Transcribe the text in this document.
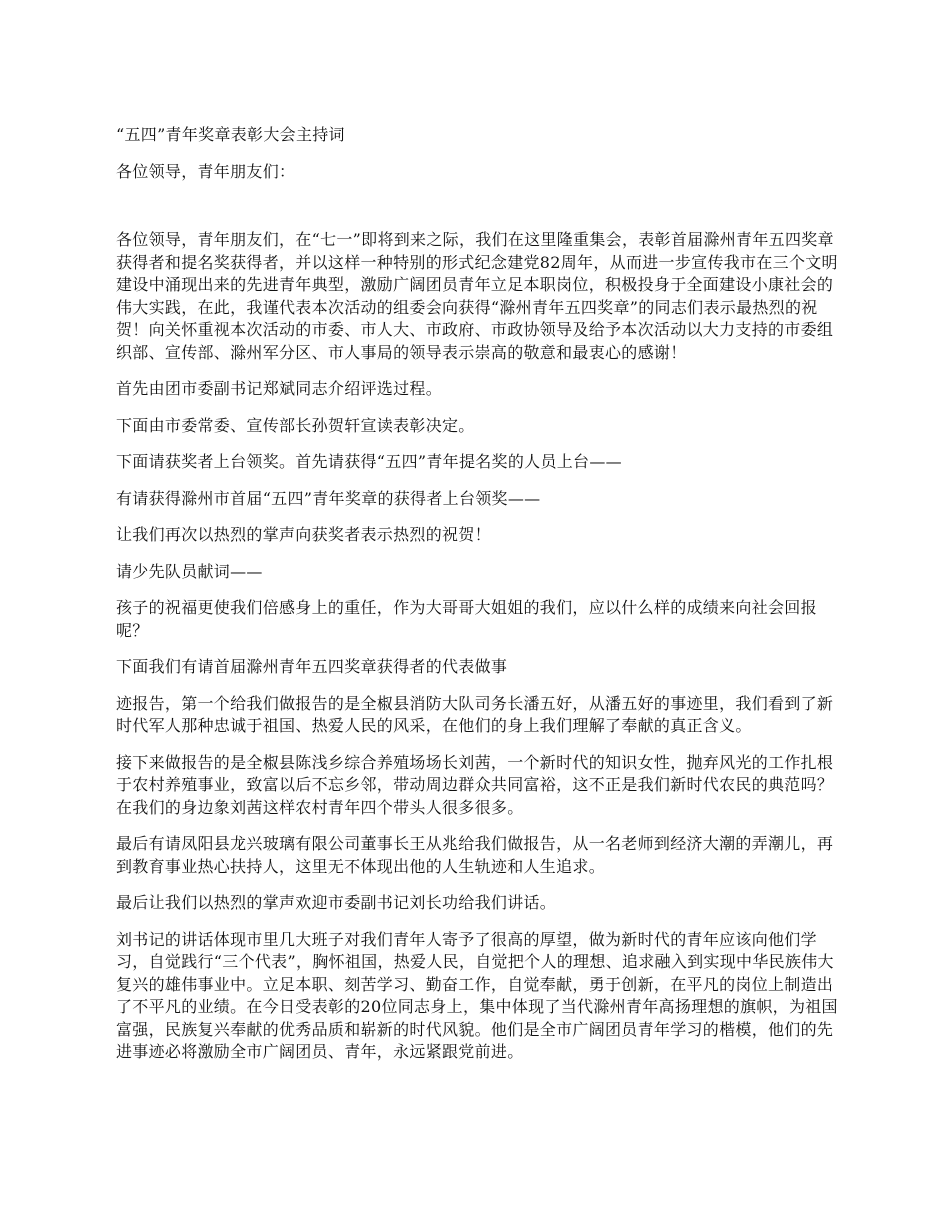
“五四”青年奖章表彰大会主持词

各位领导，青年朋友们：

各位领导，青年朋友们，在“七一”即将到来之际，我们在这里隆重集会，表彰首届滁州青年五四奖章获得者和提名奖获得者，并以这样一种特别的形式纪念建党82周年，从而进一步宣传我市在三个文明建设中涌现出来的先进青年典型，激励广阔团员青年立足本职岗位，积极投身于全面建设小康社会的伟大实践，在此，我谨代表本次活动的组委会向获得“滁州青年五四奖章”的同志们表示最热烈的祝贺！向关怀重视本次活动的市委、市人大、市政府、市政协领导及给予本次活动以大力支持的市委组织部、宣传部、滁州军分区、市人事局的领导表示崇高的敬意和最衷心的感谢！

首先由团市委副书记郑斌同志介绍评选过程。

下面由市委常委、宣传部长孙贺轩宣读表彰决定。

下面请获奖者上台领奖。首先请获得“五四”青年提名奖的人员上台——

有请获得滁州市首届“五四”青年奖章的获得者上台领奖——

让我们再次以热烈的掌声向获奖者表示热烈的祝贺！

请少先队员献词——

孩子的祝福更使我们倍感身上的重任，作为大哥哥大姐姐的我们，应以什么样的成绩来向社会回报呢？

下面我们有请首届滁州青年五四奖章获得者的代表做事

迹报告，第一个给我们做报告的是全椒县消防大队司务长潘五好，从潘五好的事迹里，我们看到了新时代军人那种忠诚于祖国、热爱人民的风采，在他们的身上我们理解了奉献的真正含义。

接下来做报告的是全椒县陈浅乡综合养殖场场长刘茜，一个新时代的知识女性，抛弃风光的工作扎根于农村养殖事业，致富以后不忘乡邻，带动周边群众共同富裕，这不正是我们新时代农民的典范吗？在我们的身边象刘茜这样农村青年四个带头人很多很多。

最后有请凤阳县龙兴玻璃有限公司董事长王从兆给我们做报告，从一名老师到经济大潮的弄潮儿，再到教育事业热心扶持人，这里无不体现出他的人生轨迹和人生追求。

最后让我们以热烈的掌声欢迎市委副书记刘长功给我们讲话。

刘书记的讲话体现市里几大班子对我们青年人寄予了很高的厚望，做为新时代的青年应该向他们学习，自觉践行“三个代表”，胸怀祖国，热爱人民，自觉把个人的理想、追求融入到实现中华民族伟大复兴的雄伟事业中。立足本职、刻苦学习、勤奋工作，自觉奉献，勇于创新，在平凡的岗位上制造出了不平凡的业绩。在今日受表彰的20位同志身上，集中体现了当代滁州青年高扬理想的旗帜，为祖国富强，民族复兴奉献的优秀品质和崭新的时代风貌。他们是全市广阔团员青年学习的楷模，他们的先进事迹必将激励全市广阔团员、青年，永远紧跟党前进。
